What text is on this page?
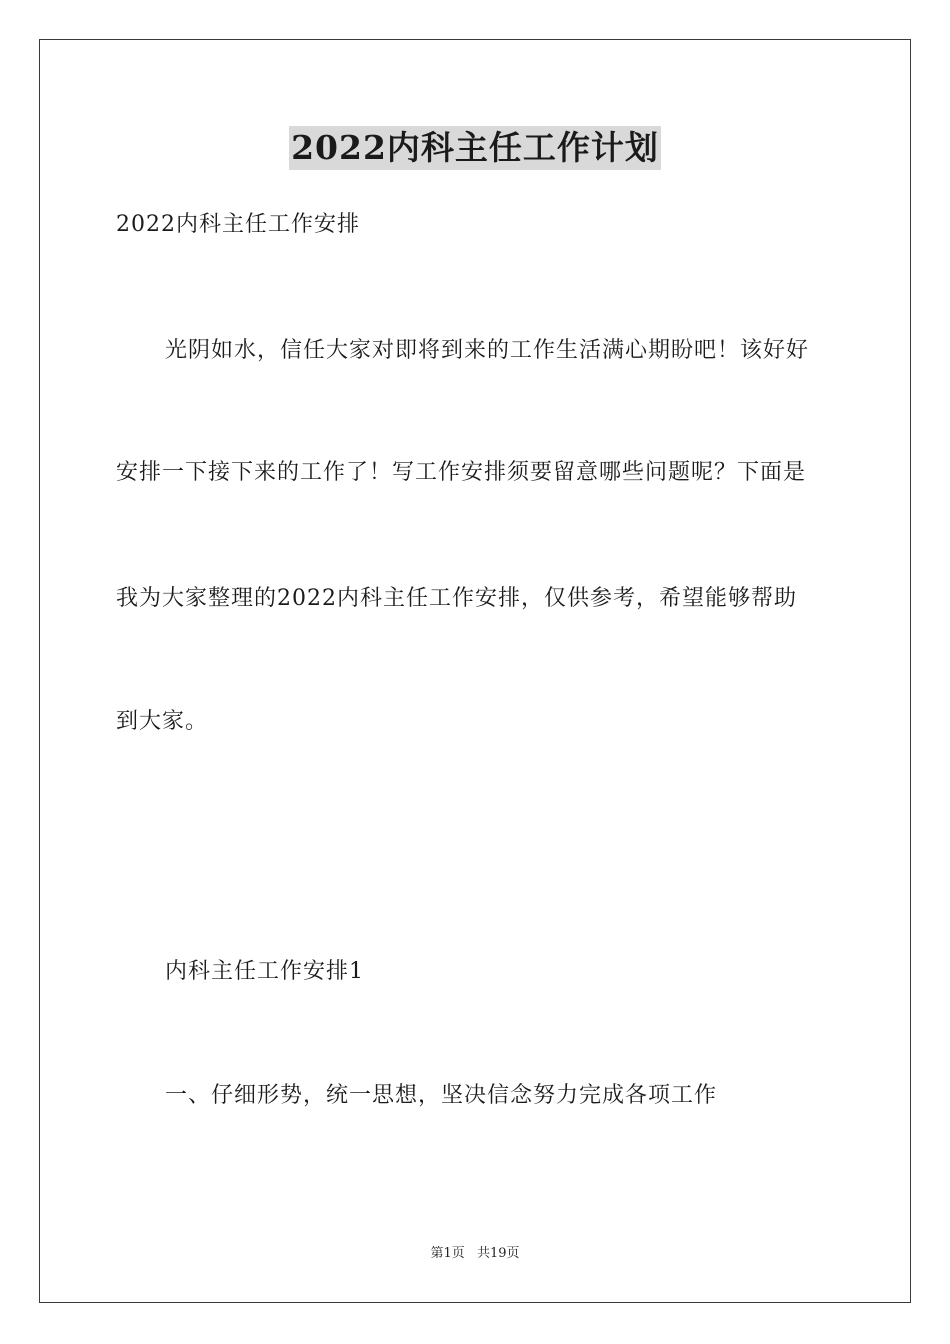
2022内科主任工作计划
2022内科主任工作安排
光阴如水，信任大家对即将到来的工作生活满心期盼吧！该好好
安排一下接下来的工作了！写工作安排须要留意哪些问题呢？下面是
我为大家整理的2022内科主任工作安排，仅供参考，希望能够帮助
到大家。
内科主任工作安排1
一、仔细形势，统一思想，坚决信念努力完成各项工作
第1页 共19页
